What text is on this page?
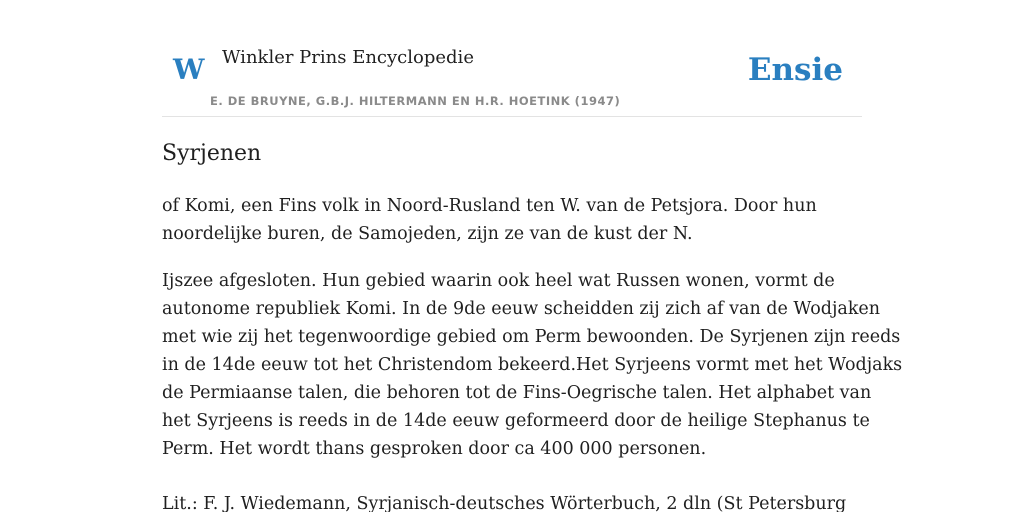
W Winkler Prins Encyclopedie
E. DE BRUYNE, G.B.J. HILTERMANN EN H.R. HOETINK (1947)
Ensie
Syrjenen

of Komi, een Fins volk in Noord-Rusland ten W. van de Petsjora. Door hun
noordelijke buren, de Samojeden, zijn ze van de kust der N.

Ijszee afgesloten. Hun gebied waarin ook heel wat Russen wonen, vormt de
autonome republiek Komi. In de 9de eeuw scheidden zij zich af van de Wodjaken
met wie zij het tegenwoordige gebied om Perm bewoonden. De Syrjenen zijn reeds
in de 14de eeuw tot het Christendom bekeerd.Het Syrjeens vormt met het Wodjaks
de Permiaanse talen, die behoren tot de Fins-Oegrische talen. Het alphabet van
het Syrjeens is reeds in de 14de eeuw geformeerd door de heilige Stephanus te
Perm. Het wordt thans gesproken door ca 400 000 personen.

Lit.: F. J. Wiedemann, Syrjanisch-deutsches Wörterbuch, 2 dln (St Petersburg
